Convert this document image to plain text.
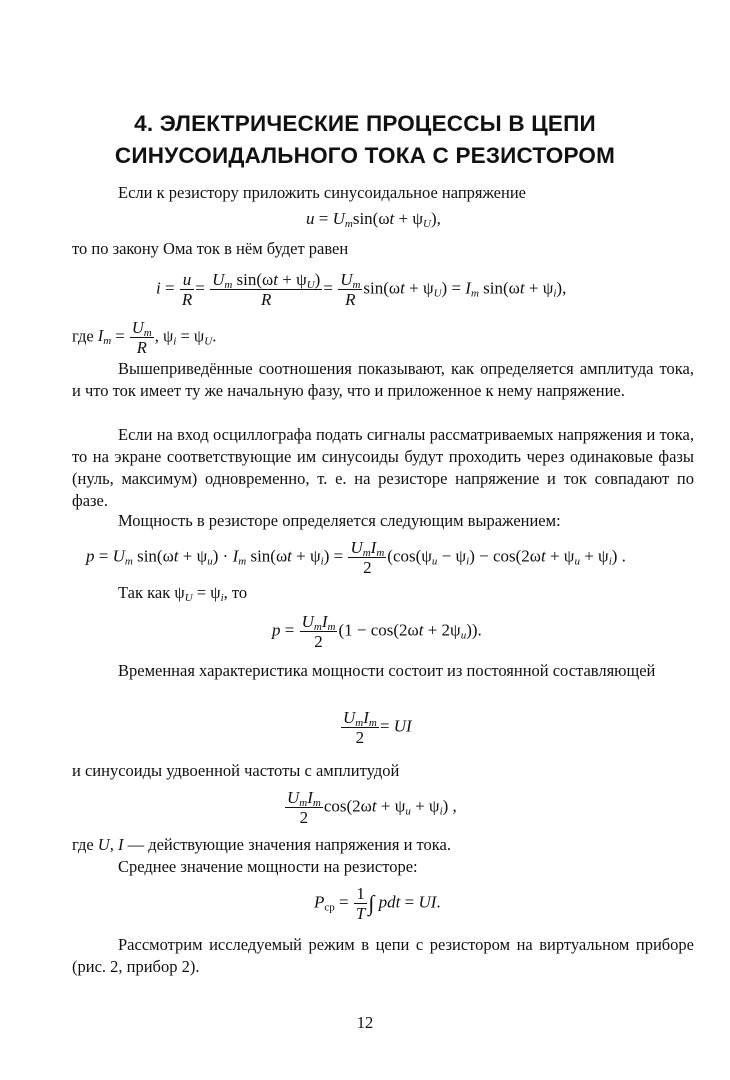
4. ЭЛЕКТРИЧЕСКИЕ ПРОЦЕССЫ В ЦЕПИ
СИНУСОИДАЛЬНОГО ТОКА С РЕЗИСТОРОМ

Если к резистору приложить синусоидальное напряжение

$u = U_m\sin(\omega t + \psi_U)$,

то по закону Ома ток в нём будет равен

$i = \frac{u}{R} = \frac{U_m \sin(\omega t + \psi_U)}{R} = \frac{U_m}{R} \sin(\omega t + \psi_U) = I_m$ $\sin(\omega t + \psi_i)$,
где $I_m = \frac{U_m}{R}$ , $\psi_i = \psi_U$.

Вышеприведённые соотношения показывают, как определяется амплитуда тока, и что ток имеет ту же начальную фазу, что и приложенное к нему напряжение.

Если на вход осциллографа подать сигналы рассматриваемых напряжения и тока, то на экране соответствующие им синусоиды будут проходить через одинаковые фазы (нуль, максимум) одновременно, т. е. на резисторе напряжение и ток совпадают по фазе.

Мощность в резисторе определяется следующим выражением:

$p = U_m$ $\sin(\omega t + \psi_u) \cdot I_m$ $\sin(\omega t + \psi_i) = U_mI_m$
2
($\cos(\psi_u - \psi_i) - \cos(2\omega t + \psi_u + \psi_i)$ .
Так как $\psi_U = \psi_i$, то
$p = U_mI_m$
2
$(1 - \cos(2\omega t + 2\psi_u))$.

Временная характеристика мощности состоит из постоянной составляющей

$U_mI_m$
2
= UI

и синусоиды удвоенной частоты с амплитудой

$U_mI_m$
2
$\cos(2\omega t + \psi_u + \psi_i)$ ,
где U, I — действующие значения напряжения и тока.

Среднее значение мощности на резисторе:

$P_{ср} = \frac{1}{T}$ ∫ pdt = UI.

Рассмотрим исследуемый режим в цепи с резистором на виртуальном приборе (рис. 2, прибор 2).

12
